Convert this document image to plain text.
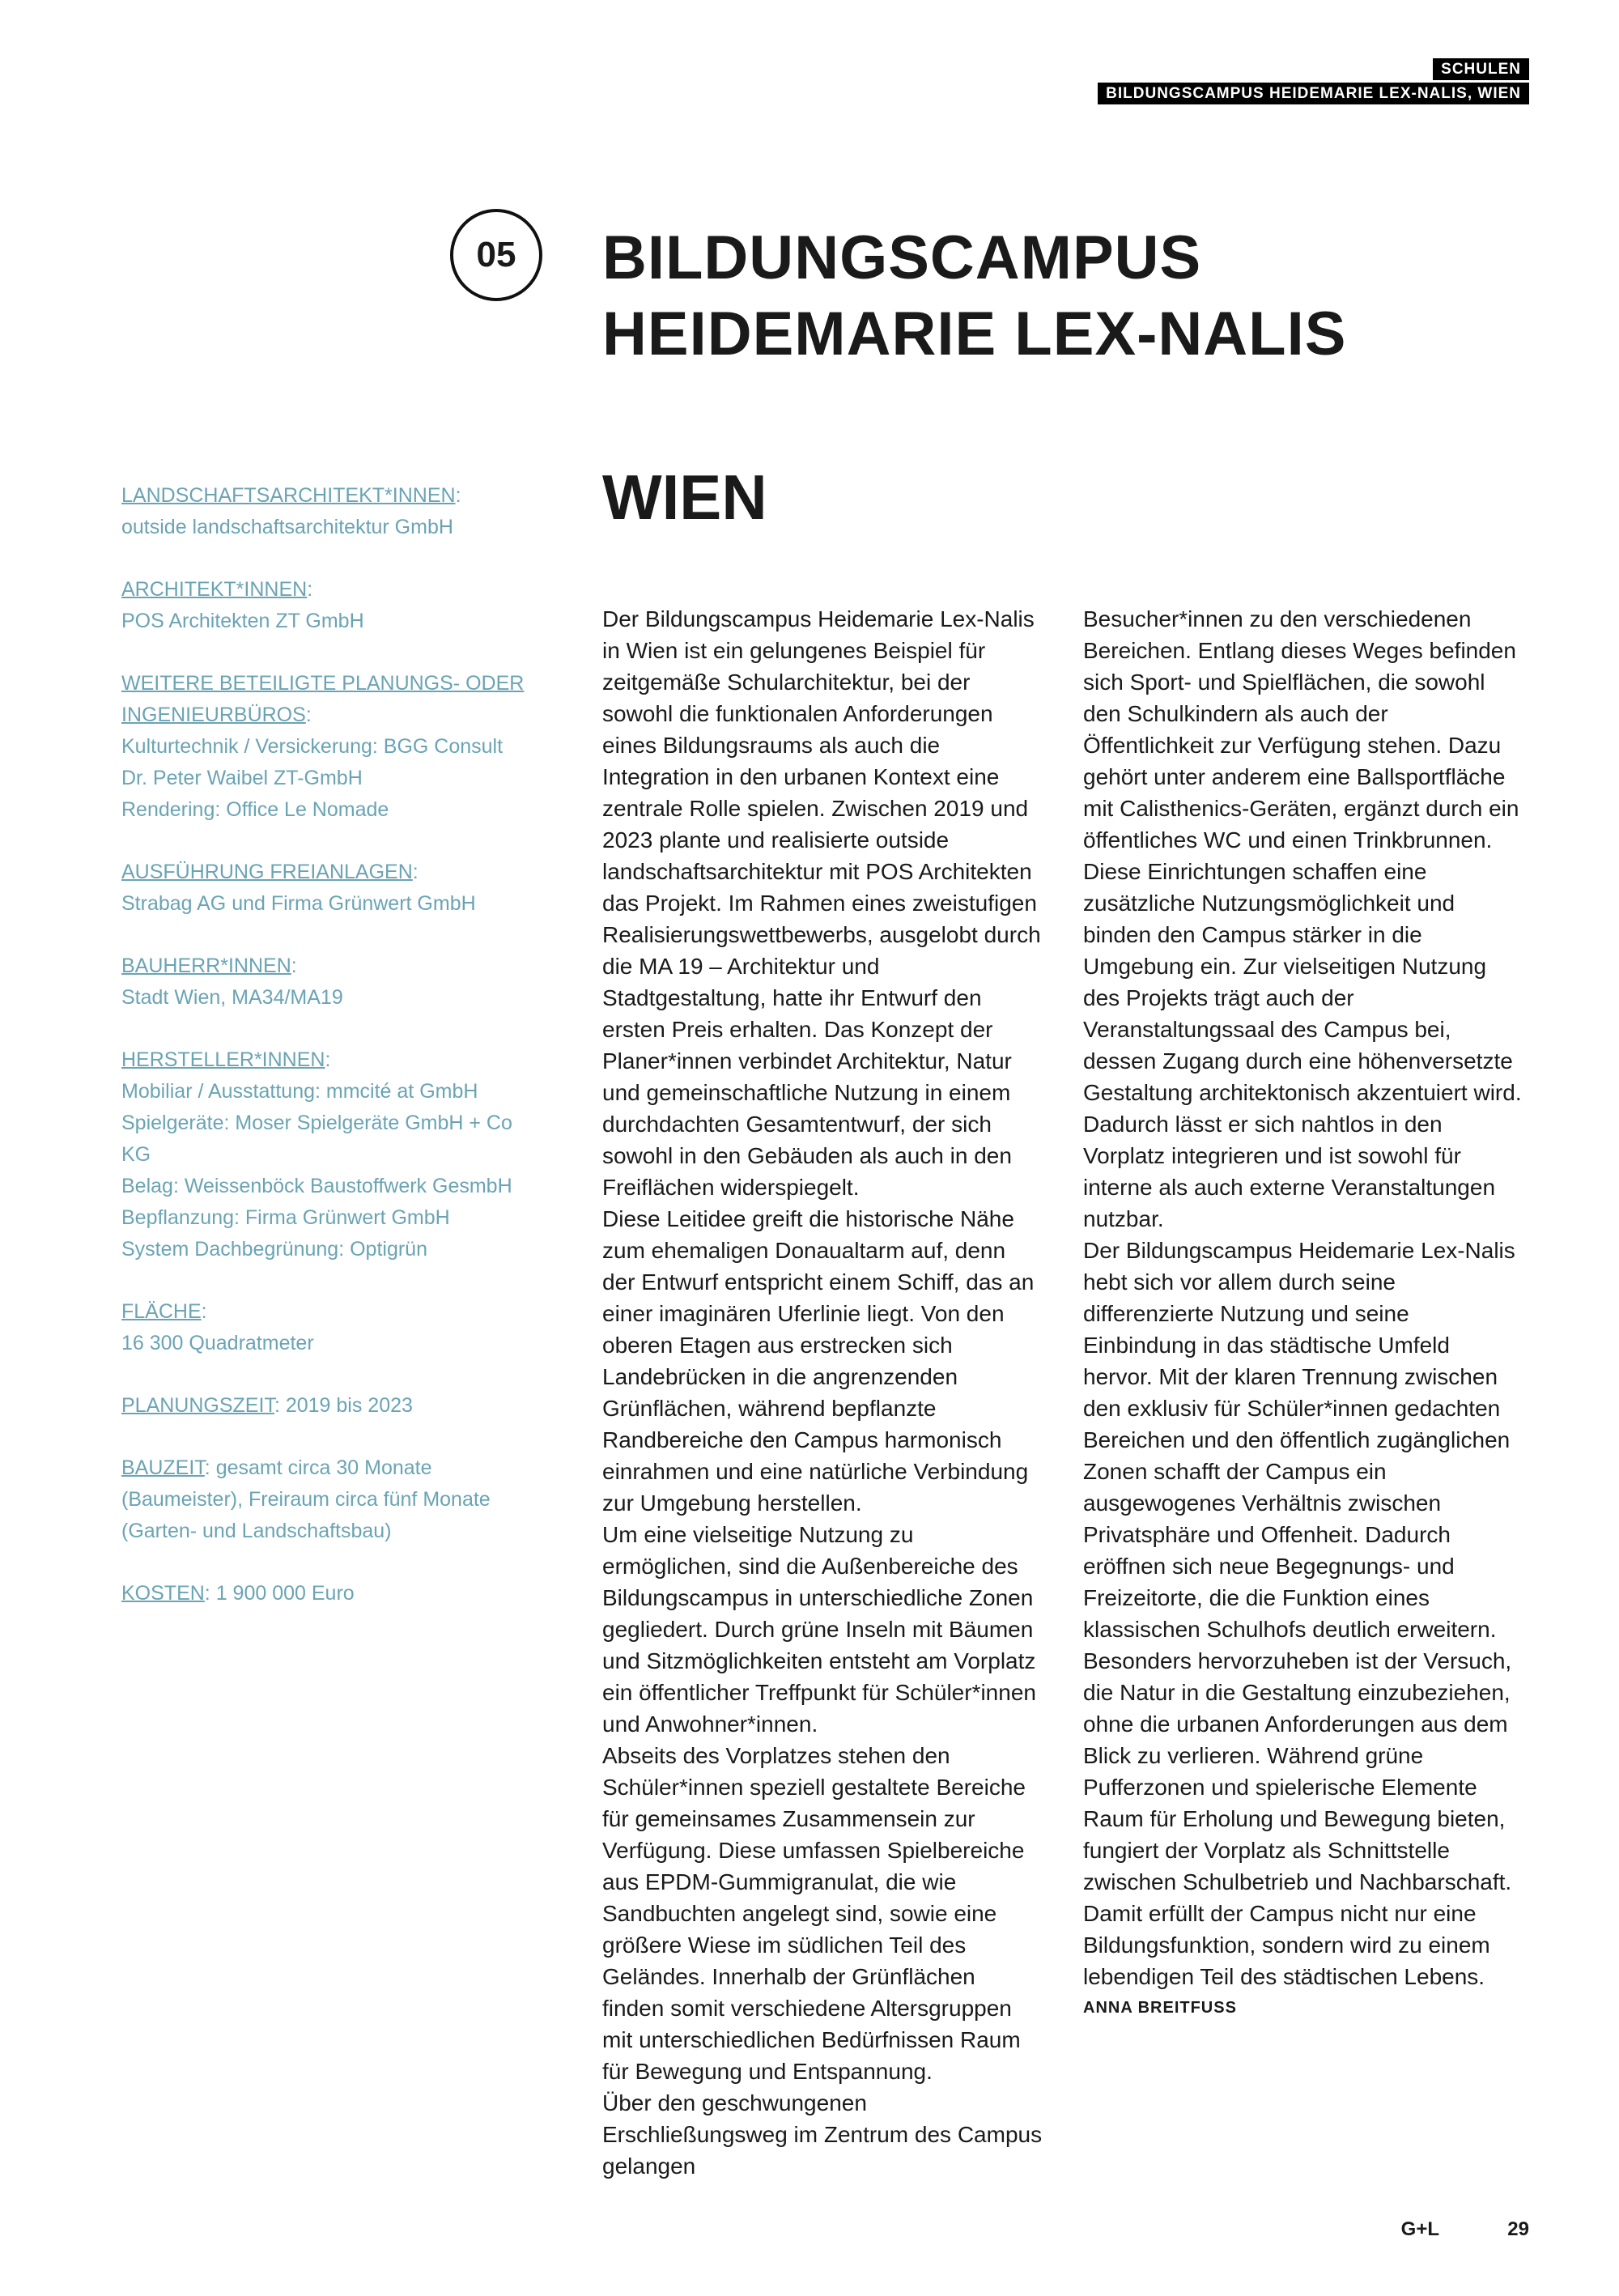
SCHULEN
BILDUNGSCAMPUS HEIDEMARIE LEX-NALIS, WIEN
05	BILDUNGSCAMPUS
HEIDEMARIE LEX-NALIS
WIEN
LANDSCHAFTSARCHITEKT*INNEN:
outside landschaftsarchitektur GmbH
ARCHITEKT*INNEN:
POS Architekten ZT GmbH
WEITERE BETEILIGTE PLANUNGS- ODER INGENIEURBÜROS:
Kulturtechnik / Versickerung: BGG Consult Dr. Peter Waibel ZT-GmbH
Rendering: Office Le Nomade
AUSFÜHRUNG FREIANLAGEN:
Strabag AG und Firma Grünwert GmbH
BAUHERR*INNEN:
Stadt Wien, MA34/MA19
HERSTELLER*INNEN:
Mobiliar / Ausstattung: mmcité at GmbH
Spielgeräte: Moser Spielgeräte GmbH + Co KG
Belag: Weissenböck Baustoffwerk GesmbH
Bepflanzung: Firma Grünwert GmbH
System Dachbegrünung: Optigrün
FLÄCHE:
16 300 Quadratmeter
PLANUNGSZEIT: 2019 bis 2023
BAUZEIT: gesamt circa 30 Monate (Baumeister), Freiraum circa fünf Monate (Garten- und Landschaftsbau)
KOSTEN: 1 900 000 Euro

Der Bildungscampus Heidemarie Lex-Nalis in Wien ist ein gelungenes Beispiel für zeitgemäße Schularchitektur, bei der sowohl die funktionalen Anforderungen eines Bildungsraums als auch die Integration in den urbanen Kontext eine zentrale Rolle spielen. Zwischen 2019 und 2023 plante und realisierte outside landschaftsarchitektur mit POS Architekten das Projekt. Im Rahmen eines zweistufigen Realisierungswettbewerbs, ausgelobt durch die MA 19 – Architektur und Stadtgestaltung, hatte ihr Entwurf den ersten Preis erhalten. Das Konzept der Planer*innen verbindet Architektur, Natur und gemeinschaftliche Nutzung in einem durchdachten Gesamtentwurf, der sich sowohl in den Gebäuden als auch in den Freiflächen widerspiegelt.

Diese Leitidee greift die historische Nähe zum ehemaligen Donaualtarm auf, denn der Entwurf entspricht einem Schiff, das an einer imaginären Uferlinie liegt. Von den oberen Etagen aus erstrecken sich Landebrücken in die angrenzenden Grünflächen, während bepflanzte Randbereiche den Campus harmonisch einrahmen und eine natürliche Verbindung zur Umgebung herstellen.

Um eine vielseitige Nutzung zu ermöglichen, sind die Außenbereiche des Bildungscampus in unterschiedliche Zonen gegliedert. Durch grüne Inseln mit Bäumen und Sitzmöglichkeiten entsteht am Vorplatz ein öffentlicher Treffpunkt für Schüler*innen und Anwohner*innen.

Abseits des Vorplatzes stehen den Schüler*innen speziell gestaltete Bereiche für gemeinsames Zusammensein zur Verfügung. Diese umfassen Spielbereiche aus EPDM-Gummigranulat, die wie Sandbuchten angelegt sind, sowie eine größere Wiese im südlichen Teil des Geländes. Innerhalb der Grünflächen finden somit verschiedene Altersgruppen mit unterschiedlichen Bedürfnissen Raum für Bewegung und Entspannung.

Über den geschwungenen Erschließungsweg im Zentrum des Campus gelangen

Besucher*innen zu den verschiedenen Bereichen. Entlang dieses Weges befinden sich Sport- und Spielflächen, die sowohl den Schulkindern als auch der Öffentlichkeit zur Verfügung stehen. Dazu gehört unter anderem eine Ballsportfläche mit Calisthenics-Geräten, ergänzt durch ein öffentliches WC und einen Trinkbrunnen. Diese Einrichtungen schaffen eine zusätzliche Nutzungsmöglichkeit und binden den Campus stärker in die Umgebung ein. Zur vielseitigen Nutzung des Projekts trägt auch der Veranstaltungssaal des Campus bei, dessen Zugang durch eine höhenversetzte Gestaltung architektonisch akzentuiert wird. Dadurch lässt er sich nahtlos in den Vorplatz integrieren und ist sowohl für interne als auch externe Veranstaltungen nutzbar.

Der Bildungscampus Heidemarie Lex-Nalis hebt sich vor allem durch seine differenzierte Nutzung und seine Einbindung in das städtische Umfeld hervor. Mit der klaren Trennung zwischen den exklusiv für Schüler*innen gedachten Bereichen und den öffentlich zugänglichen Zonen schafft der Campus ein ausgewogenes Verhältnis zwischen Privatsphäre und Offenheit. Dadurch eröffnen sich neue Begegnungs- und Freizeitorte, die die Funktion eines klassischen Schulhofs deutlich erweitern.

Besonders hervorzuheben ist der Versuch, die Natur in die Gestaltung einzubeziehen, ohne die urbanen Anforderungen aus dem Blick zu verlieren. Während grüne Pufferzonen und spielerische Elemente Raum für Erholung und Bewegung bieten, fungiert der Vorplatz als Schnittstelle zwischen Schulbetrieb und Nachbarschaft. Damit erfüllt der Campus nicht nur eine Bildungsfunktion, sondern wird zu einem lebendigen Teil des städtischen Lebens.

ANNA BREITFUSS

G+L	29
